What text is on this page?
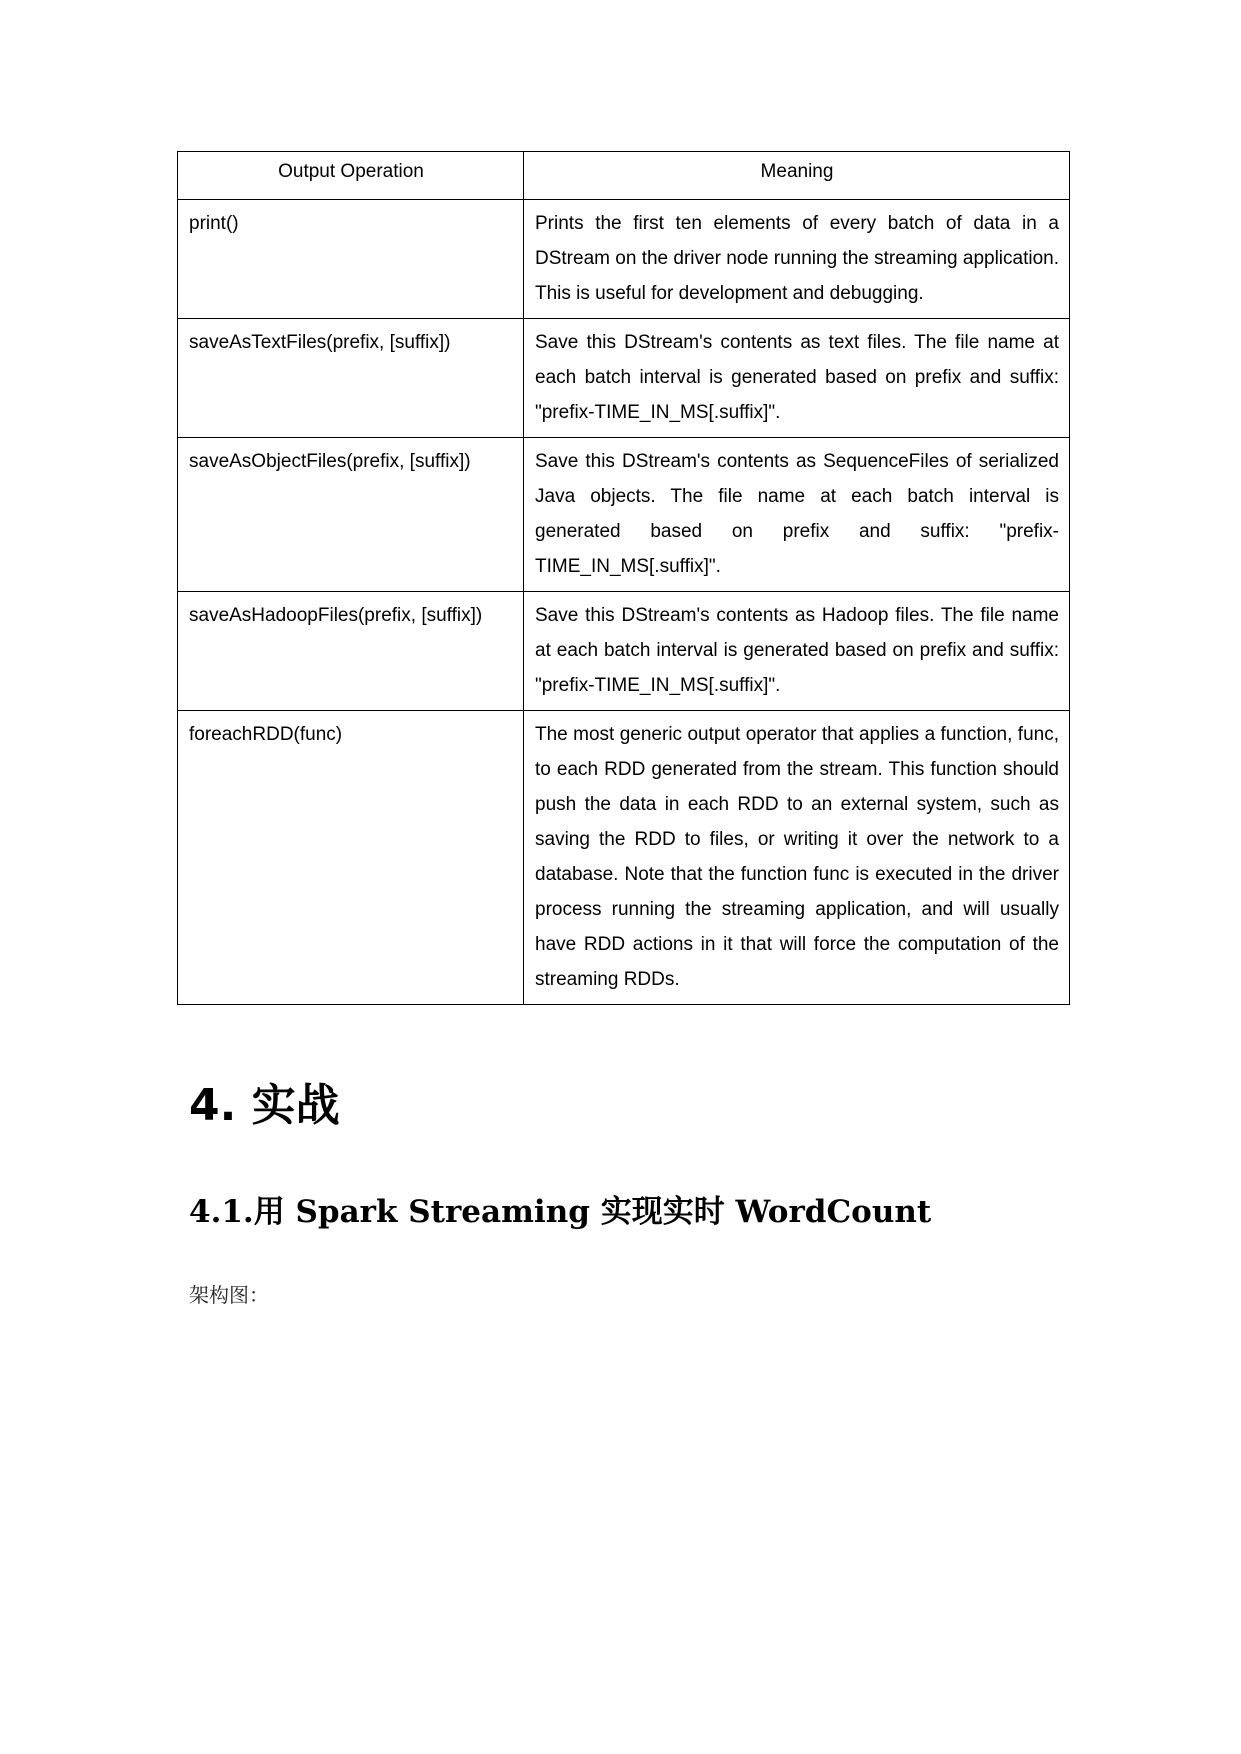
Output Operation	Meaning
print()	Prints the first ten elements of every batch of data in a DStream on the driver node running the streaming application. This is useful for development and debugging.
saveAsTextFiles(prefix, [suffix])	Save this DStream's contents as text files. The file name at each batch interval is generated based on prefix and suffix: "prefix-TIME_IN_MS[.suffix]".
saveAsObjectFiles(prefix, [suffix])	Save this DStream's contents as SequenceFiles of serialized Java objects. The file name at each batch interval is generated based on prefix and suffix: "prefix-TIME_IN_MS[.suffix]".
saveAsHadoopFiles(prefix, [suffix])	Save this DStream's contents as Hadoop files. The file name at each batch interval is generated based on prefix and suffix: "prefix-TIME_IN_MS[.suffix]".
foreachRDD(func)	The most generic output operator that applies a function, func, to each RDD generated from the stream. This function should push the data in each RDD to an external system, such as saving the RDD to files, or writing it over the network to a database. Note that the function func is executed in the driver process running the streaming application, and will usually have RDD actions in it that will force the computation of the streaming RDDs.
4. 实战
4.1.用 Spark Streaming 实现实时 WordCount

架构图：
